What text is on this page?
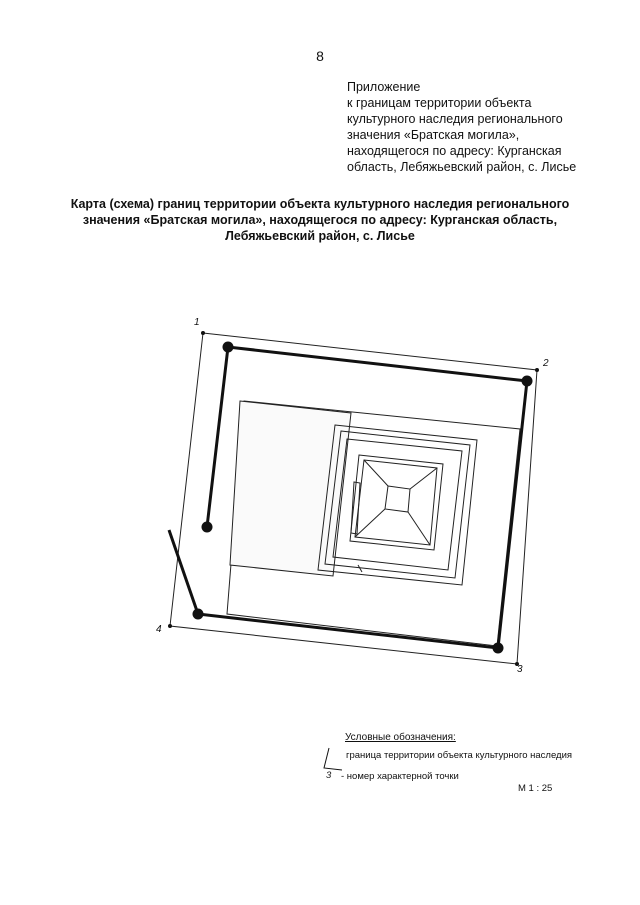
8
Приложение
к границам территории объекта
культурного наследия регионального
значения «Братская могила»,
находящегося по адресу: Курганская
область, Лебяжьевский район, с. Лисье
Карта (схема) границ территории объекта культурного наследия регионального
значения «Братская могила», находящегося по адресу: Курганская область,
Лебяжьевский район, с. Лисье
1
2
3
4
Условные обозначения:
граница территории объекта культурного наследия
3 - номер характерной точки
М 1 : 25
